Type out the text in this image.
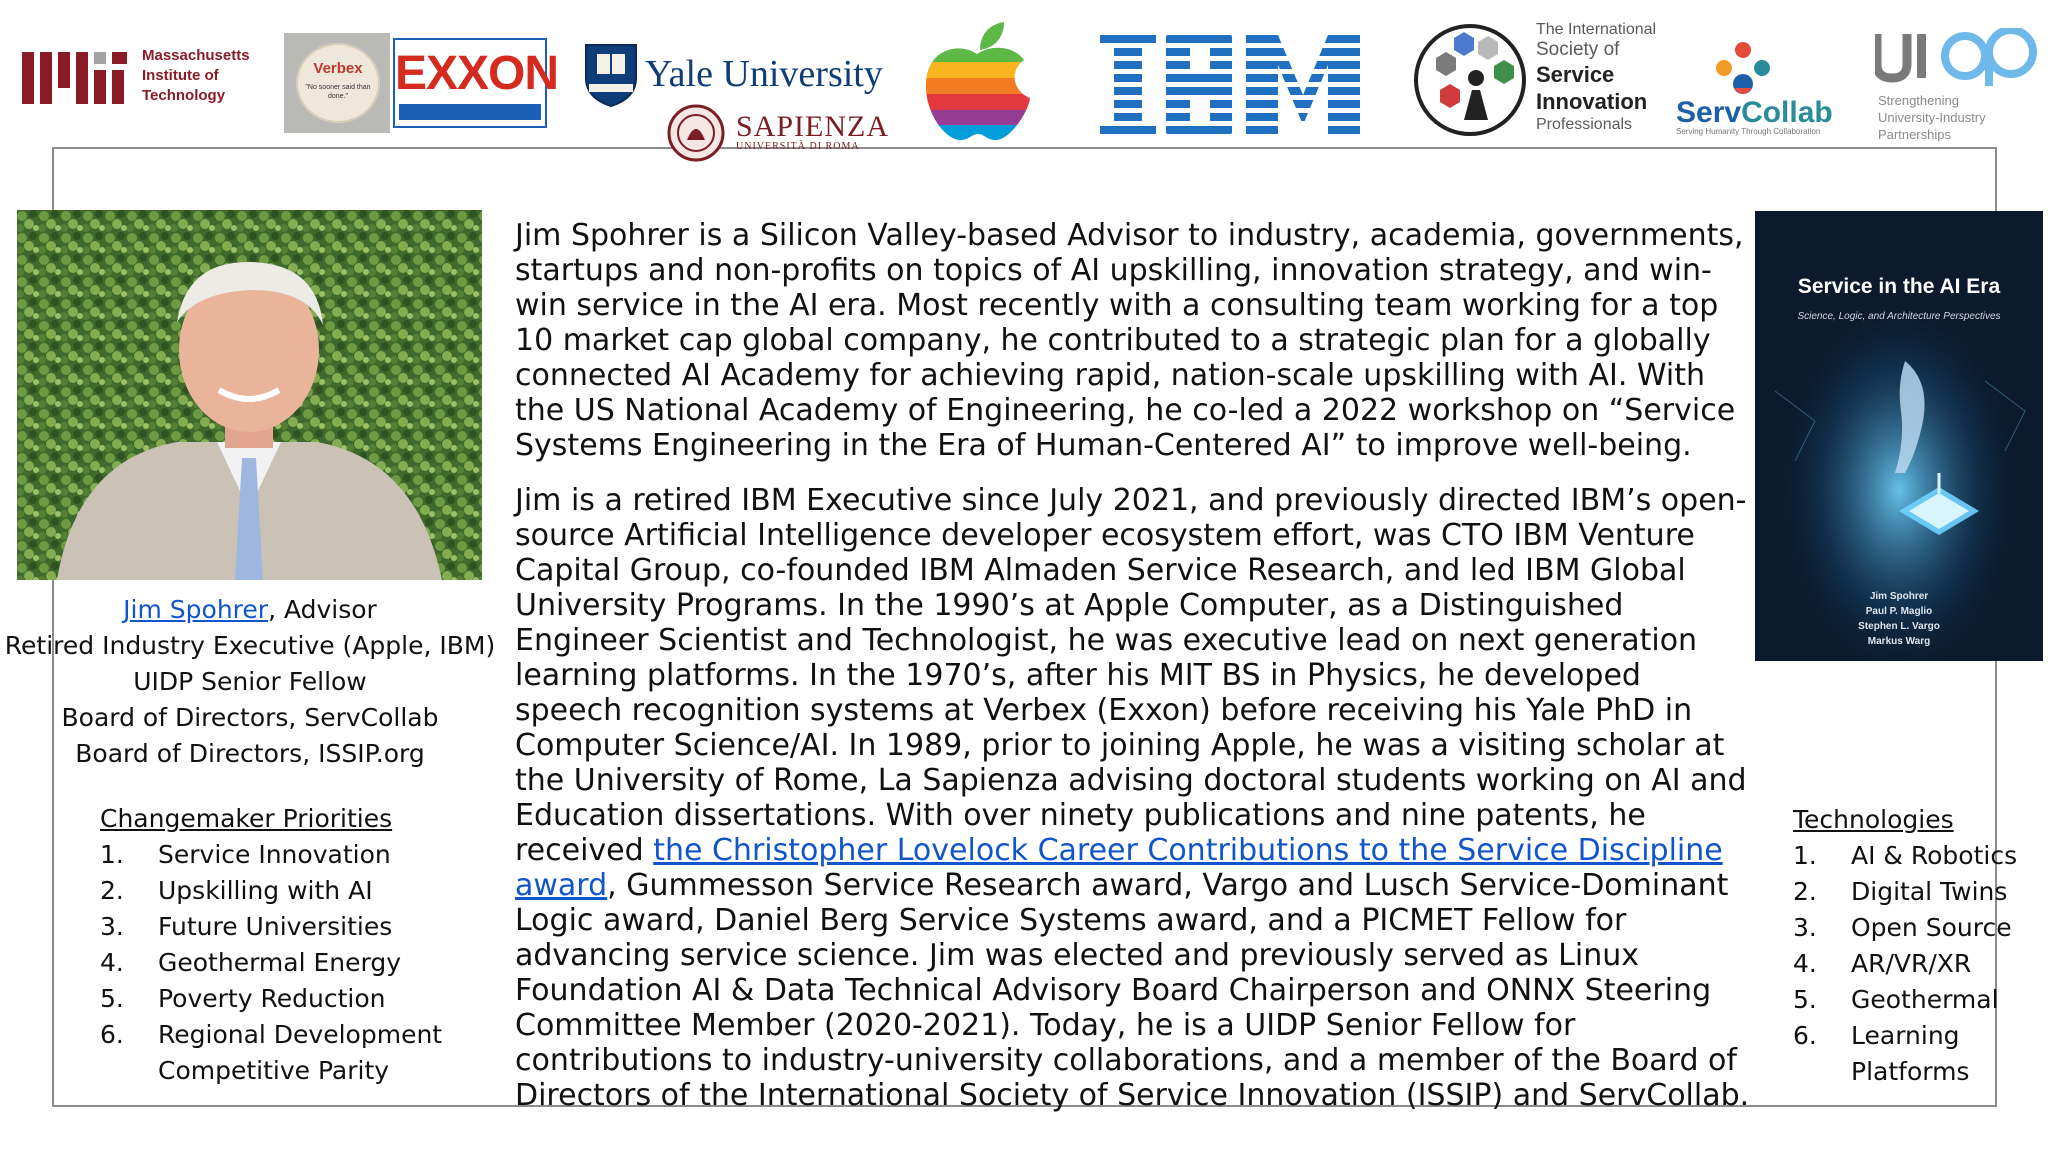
Massachusetts
Institute of
Technology
Verbex
"No sooner said than done." EXXON Yale University
SAPIENZA
UNIVERSITÀ DI ROMA
The International
Society of
Service
Innovation
Professionals	ServCollab
Serving Humanity Through Collaboration
Strengthening
University-Industry
Partnerships
Jim Spohrer, Advisor
Retired Industry Executive (Apple, IBM)
UIDP Senior Fellow
Board of Directors, ServCollab
Board of Directors, ISSIP.org
Changemaker Priorities
1. Service Innovation
2. Upskilling with AI
3. Future Universities
4. Geothermal Energy
5. Poverty Reduction
6. Regional Development Competitive Parity

Jim Spohrer is a Silicon Valley-based Advisor to industry, academia, governments, startups and non-profits on topics of AI upskilling, innovation strategy, and win-win service in the AI era. Most recently with a consulting team working for a top 10 market cap global company, he contributed to a strategic plan for a globally connected AI Academy for achieving rapid, nation-scale upskilling with AI. With the US National Academy of Engineering, he co-led a 2022 workshop on “Service Systems Engineering in the Era of Human-Centered AI” to improve well-being.

Jim is a retired IBM Executive since July 2021, and previously directed IBM’s open-source Artificial Intelligence developer ecosystem effort, was CTO IBM Venture Capital Group, co-founded IBM Almaden Service Research, and led IBM Global University Programs. In the 1990’s at Apple Computer, as a Distinguished Engineer Scientist and Technologist, he was executive lead on next generation learning platforms. In the 1970’s, after his MIT BS in Physics, he developed speech recognition systems at Verbex (Exxon) before receiving his Yale PhD in Computer Science/AI. In 1989, prior to joining Apple, he was a visiting scholar at the University of Rome, La Sapienza advising doctoral students working on AI and Education dissertations. With over ninety publications and nine patents, he received the Christopher Lovelock Career Contributions to the Service Discipline award, Gummesson Service Research award, Vargo and Lusch Service-Dominant Logic award, Daniel Berg Service Systems award, and a PICMET Fellow for advancing service science. Jim was elected and previously served as Linux Foundation AI & Data Technical Advisory Board Chairperson and ONNX Steering Committee Member (2020-2021). Today, he is a UIDP Senior Fellow for contributions to industry-university collaborations, and a member of the Board of Directors of the International Society of Service Innovation (ISSIP) and ServCollab.

Service in the AI Era
Science, Logic, and Architecture Perspectives
Jim Spohrer
Paul P. Maglio
Stephen L. Vargo
Markus Warg
Technologies
1. AI & Robotics
2. Digital Twins
3. Open Source
4. AR/VR/XR
5. Geothermal
6. Learning Platforms
